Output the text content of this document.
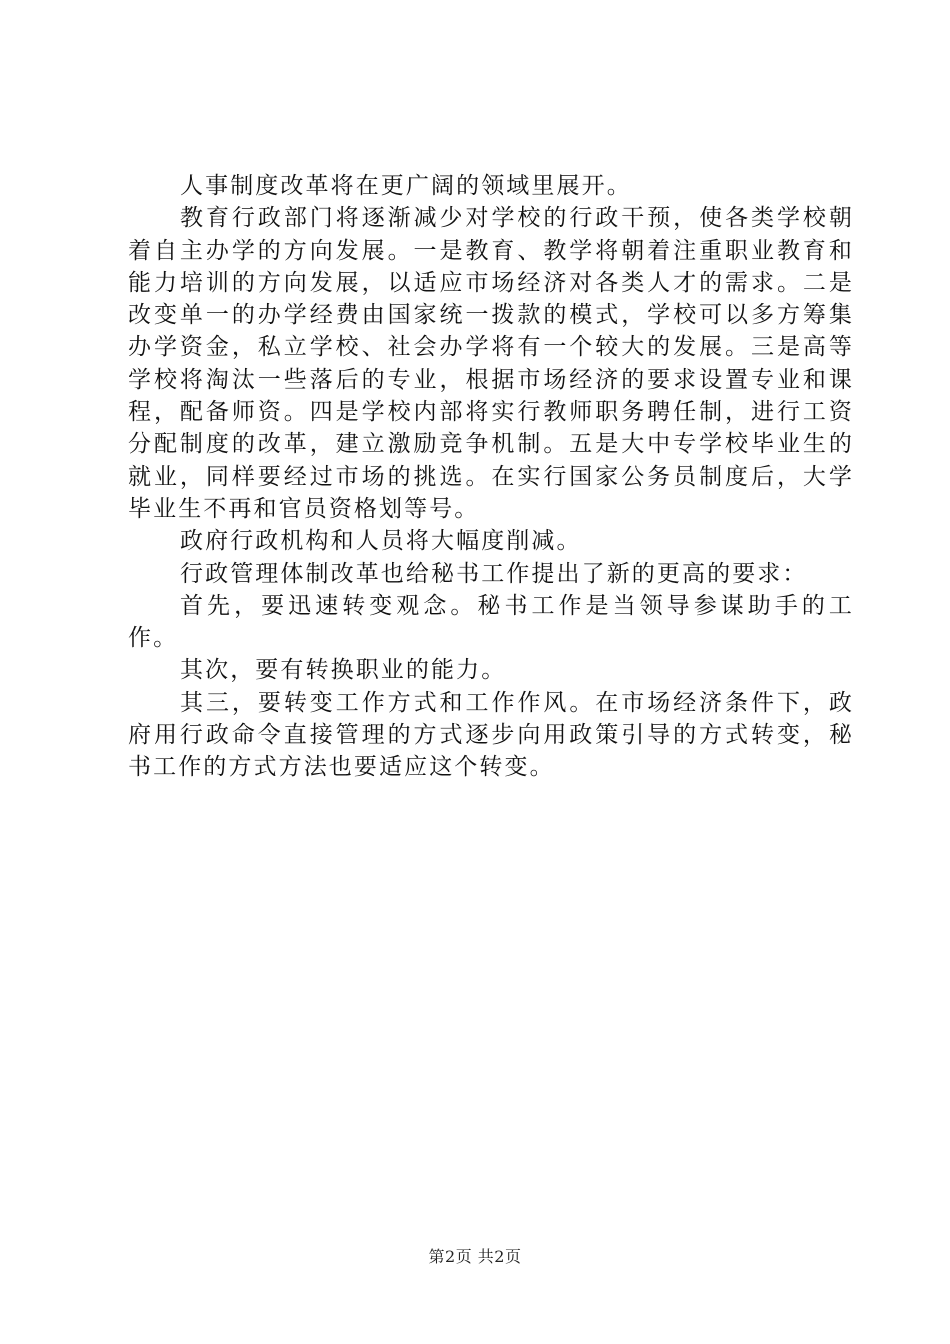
人事制度改革将在更广阔的领域里展开。

教育行政部门将逐渐减少对学校的行政干预，使各类学校朝着自主办学的方向发展。一是教育、教学将朝着注重职业教育和能力培训的方向发展，以适应市场经济对各类人才的需求。二是改变单一的办学经费由国家统一拨款的模式，学校可以多方筹集办学资金，私立学校、社会办学将有一个较大的发展。三是高等学校将淘汰一些落后的专业，根据市场经济的要求设置专业和课程，配备师资。四是学校内部将实行教师职务聘任制，进行工资分配制度的改革，建立激励竞争机制。五是大中专学校毕业生的就业，同样要经过市场的挑选。在实行国家公务员制度后，大学毕业生不再和官员资格划等号。

政府行政机构和人员将大幅度削减。

行政管理体制改革也给秘书工作提出了新的更高的要求：

首先，要迅速转变观念。秘书工作是当领导参谋助手的工作。

其次，要有转换职业的能力。

其三，要转变工作方式和工作作风。在市场经济条件下，政府用行政命令直接管理的方式逐步向用政策引导的方式转变，秘书工作的方式方法也要适应这个转变。

第2页 共2页
